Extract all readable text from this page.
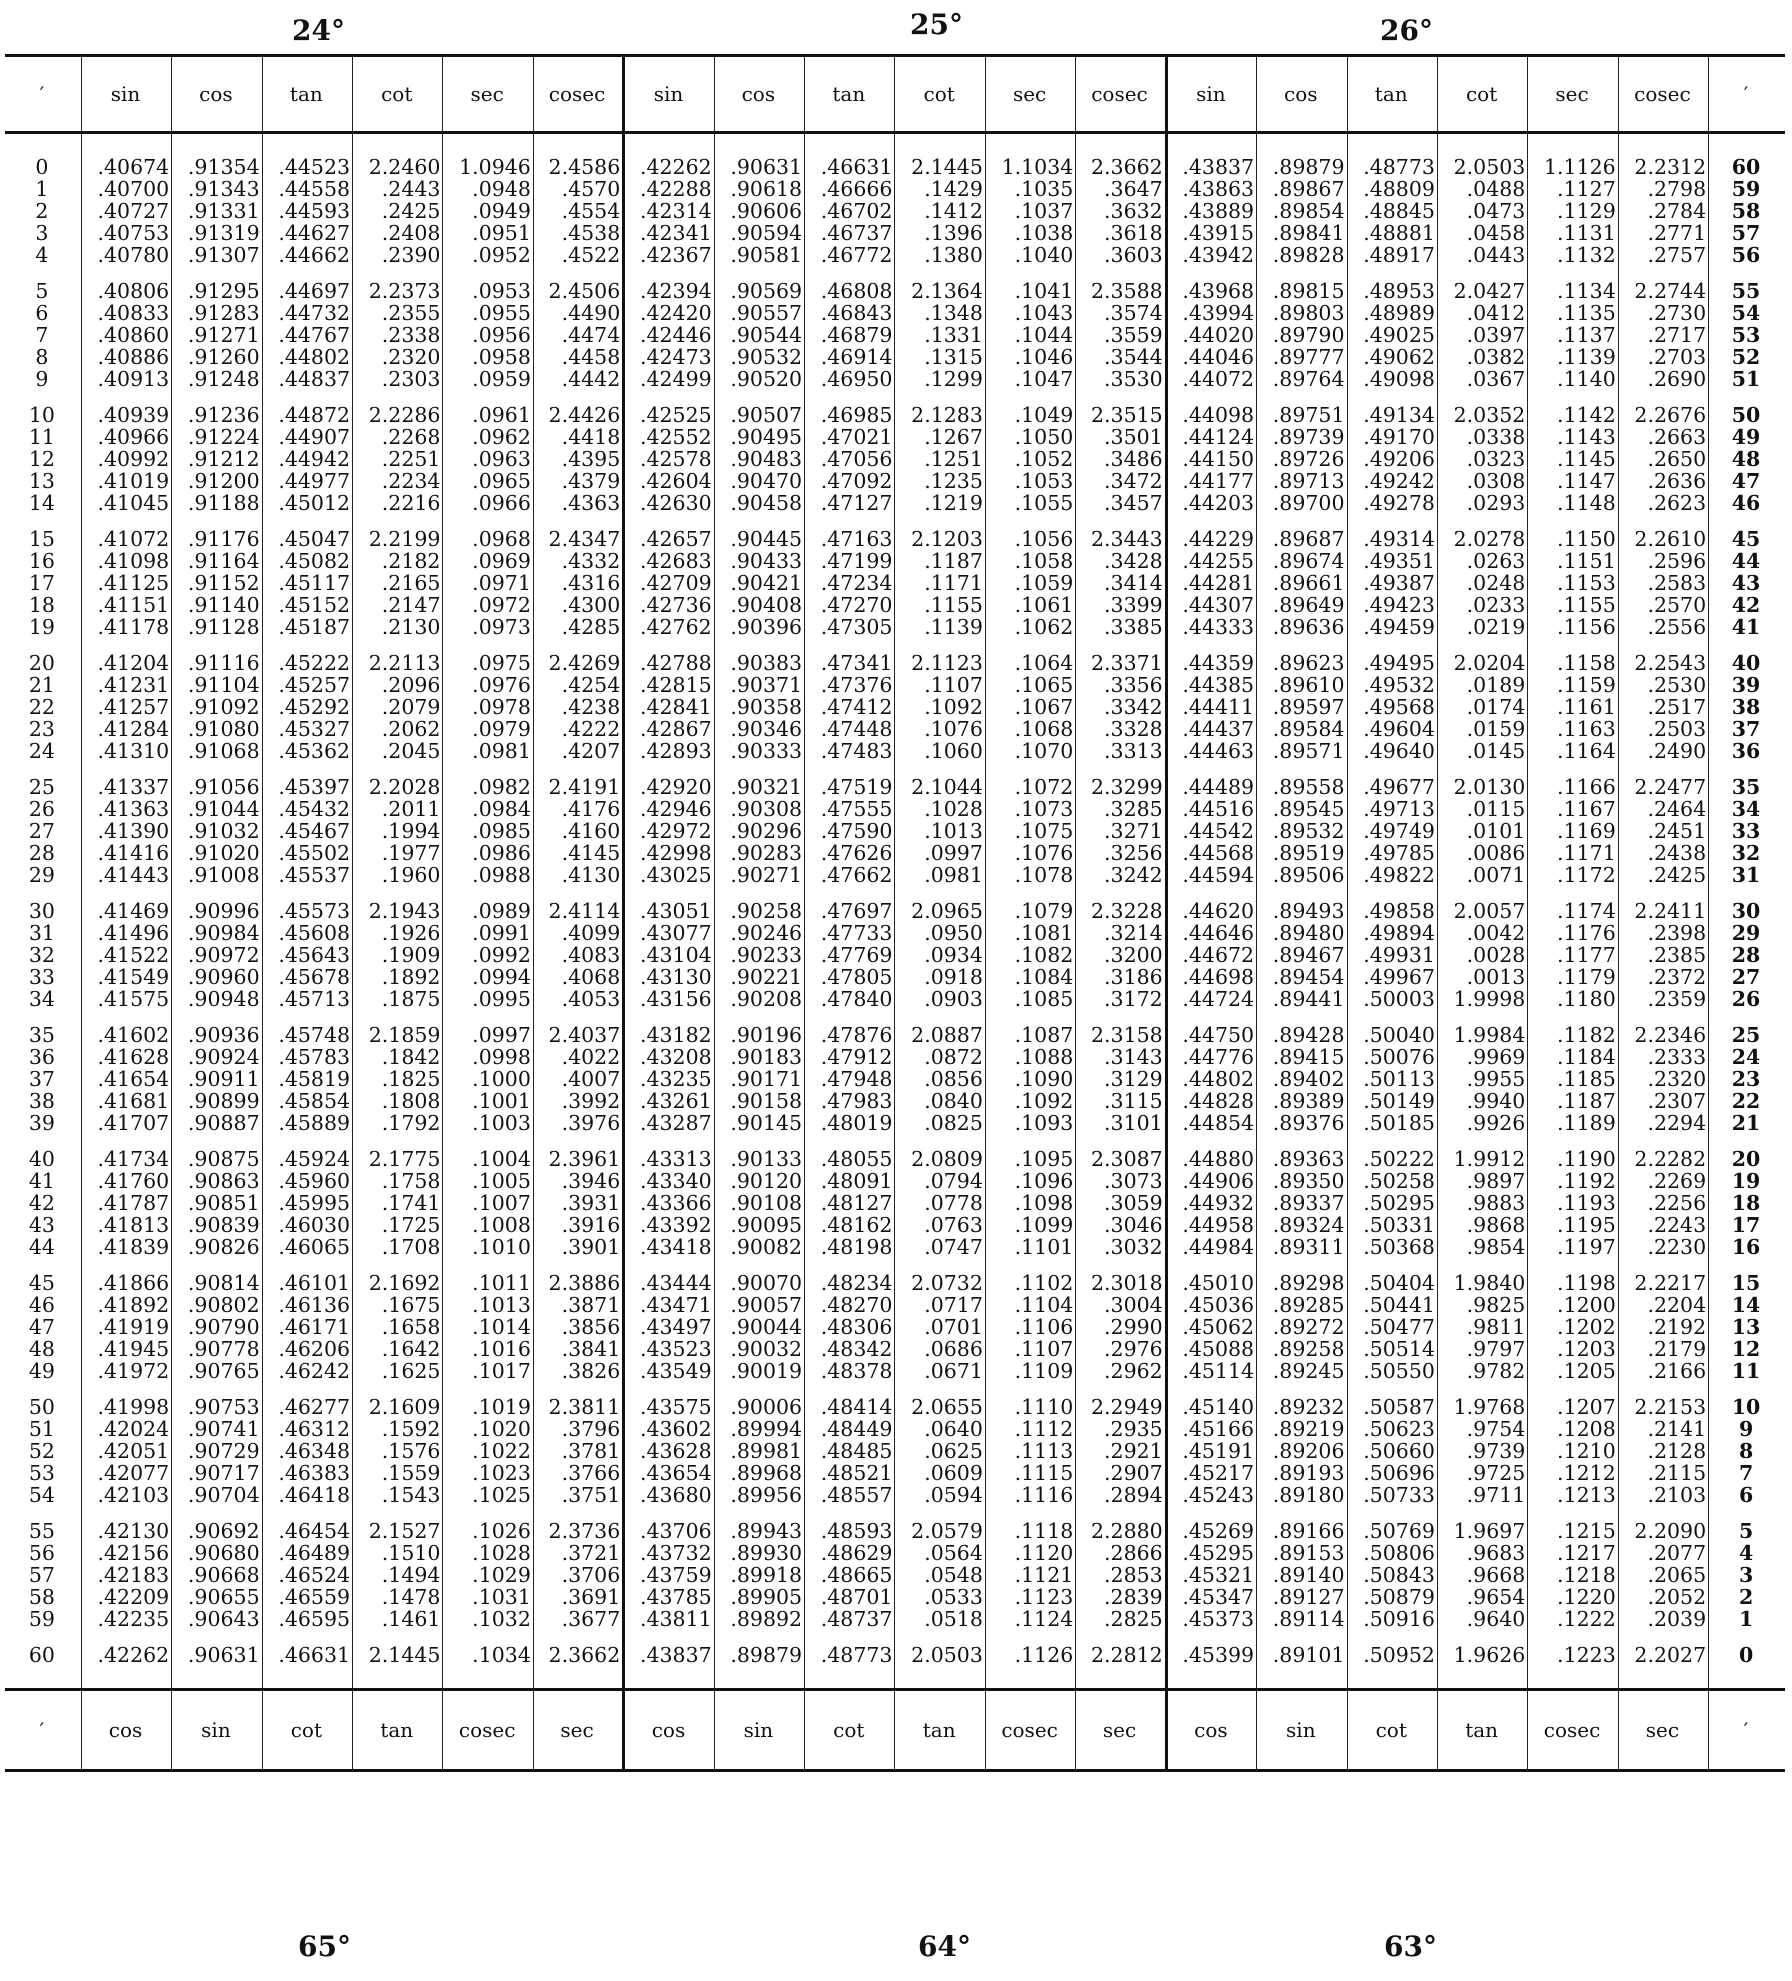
24°	25°	26°
′	sin	cos	tan	cot	sec	cosec	sin	cos	tan	cot	sec	cosec	sin	cos	tan	cot	sec	cosec	′
0	.40674	.91354	.44523	2.2460	1.0946	2.4586	.42262	.90631	.46631	2.1445	1.1034	2.3662	.43837	.89879	.48773	2.0503	1.1126	2.2312	60
1	.40700	.91343	.44558	.2443	.0948	.4570	.42288	.90618	.46666	.1429	.1035	.3647	.43863	.89867	.48809	.0488	.1127	.2798	59
2	.40727	.91331	.44593	.2425	.0949	.4554	.42314	.90606	.46702	.1412	.1037	.3632	.43889	.89854	.48845	.0473	.1129	.2784	58
3	.40753	.91319	.44627	.2408	.0951	.4538	.42341	.90594	.46737	.1396	.1038	.3618	.43915	.89841	.48881	.0458	.1131	.2771	57
4	.40780	.91307	.44662	.2390	.0952	.4522	.42367	.90581	.46772	.1380	.1040	.3603	.43942	.89828	.48917	.0443	.1132	.2757	56
5	.40806	.91295	.44697	2.2373	.0953	2.4506	.42394	.90569	.46808	2.1364	.1041	2.3588	.43968	.89815	.48953	2.0427	.1134	2.2744	55
6	.40833	.91283	.44732	.2355	.0955	.4490	.42420	.90557	.46843	.1348	.1043	.3574	.43994	.89803	.48989	.0412	.1135	.2730	54
7	.40860	.91271	.44767	.2338	.0956	.4474	.42446	.90544	.46879	.1331	.1044	.3559	.44020	.89790	.49025	.0397	.1137	.2717	53
8	.40886	.91260	.44802	.2320	.0958	.4458	.42473	.90532	.46914	.1315	.1046	.3544	.44046	.89777	.49062	.0382	.1139	.2703	52
9	.40913	.91248	.44837	.2303	.0959	.4442	.42499	.90520	.46950	.1299	.1047	.3530	.44072	.89764	.49098	.0367	.1140	.2690	51
10	.40939	.91236	.44872	2.2286	.0961	2.4426	.42525	.90507	.46985	2.1283	.1049	2.3515	.44098	.89751	.49134	2.0352	.1142	2.2676	50
11	.40966	.91224	.44907	.2268	.0962	.4418	.42552	.90495	.47021	.1267	.1050	.3501	.44124	.89739	.49170	.0338	.1143	.2663	49
12	.40992	.91212	.44942	.2251	.0963	.4395	.42578	.90483	.47056	.1251	.1052	.3486	.44150	.89726	.49206	.0323	.1145	.2650	48
13	.41019	.91200	.44977	.2234	.0965	.4379	.42604	.90470	.47092	.1235	.1053	.3472	.44177	.89713	.49242	.0308	.1147	.2636	47
14	.41045	.91188	.45012	.2216	.0966	.4363	.42630	.90458	.47127	.1219	.1055	.3457	.44203	.89700	.49278	.0293	.1148	.2623	46
15	.41072	.91176	.45047	2.2199	.0968	2.4347	.42657	.90445	.47163	2.1203	.1056	2.3443	.44229	.89687	.49314	2.0278	.1150	2.2610	45
16	.41098	.91164	.45082	.2182	.0969	.4332	.42683	.90433	.47199	.1187	.1058	.3428	.44255	.89674	.49351	.0263	.1151	.2596	44
17	.41125	.91152	.45117	.2165	.0971	.4316	.42709	.90421	.47234	.1171	.1059	.3414	.44281	.89661	.49387	.0248	.1153	.2583	43
18	.41151	.91140	.45152	.2147	.0972	.4300	.42736	.90408	.47270	.1155	.1061	.3399	.44307	.89649	.49423	.0233	.1155	.2570	42
19	.41178	.91128	.45187	.2130	.0973	.4285	.42762	.90396	.47305	.1139	.1062	.3385	.44333	.89636	.49459	.0219	.1156	.2556	41
20	.41204	.91116	.45222	2.2113	.0975	2.4269	.42788	.90383	.47341	2.1123	.1064	2.3371	.44359	.89623	.49495	2.0204	.1158	2.2543	40
21	.41231	.91104	.45257	.2096	.0976	.4254	.42815	.90371	.47376	.1107	.1065	.3356	.44385	.89610	.49532	.0189	.1159	.2530	39
22	.41257	.91092	.45292	.2079	.0978	.4238	.42841	.90358	.47412	.1092	.1067	.3342	.44411	.89597	.49568	.0174	.1161	.2517	38
23	.41284	.91080	.45327	.2062	.0979	.4222	.42867	.90346	.47448	.1076	.1068	.3328	.44437	.89584	.49604	.0159	.1163	.2503	37
24	.41310	.91068	.45362	.2045	.0981	.4207	.42893	.90333	.47483	.1060	.1070	.3313	.44463	.89571	.49640	.0145	.1164	.2490	36
25	.41337	.91056	.45397	2.2028	.0982	2.4191	.42920	.90321	.47519	2.1044	.1072	2.3299	.44489	.89558	.49677	2.0130	.1166	2.2477	35
26	.41363	.91044	.45432	.2011	.0984	.4176	.42946	.90308	.47555	.1028	.1073	.3285	.44516	.89545	.49713	.0115	.1167	.2464	34
27	.41390	.91032	.45467	.1994	.0985	.4160	.42972	.90296	.47590	.1013	.1075	.3271	.44542	.89532	.49749	.0101	.1169	.2451	33
28	.41416	.91020	.45502	.1977	.0986	.4145	.42998	.90283	.47626	.0997	.1076	.3256	.44568	.89519	.49785	.0086	.1171	.2438	32
29	.41443	.91008	.45537	.1960	.0988	.4130	.43025	.90271	.47662	.0981	.1078	.3242	.44594	.89506	.49822	.0071	.1172	.2425	31
30	.41469	.90996	.45573	2.1943	.0989	2.4114	.43051	.90258	.47697	2.0965	.1079	2.3228	.44620	.89493	.49858	2.0057	.1174	2.2411	30
31	.41496	.90984	.45608	.1926	.0991	.4099	.43077	.90246	.47733	.0950	.1081	.3214	.44646	.89480	.49894	.0042	.1176	.2398	29
32	.41522	.90972	.45643	.1909	.0992	.4083	.43104	.90233	.47769	.0934	.1082	.3200	.44672	.89467	.49931	.0028	.1177	.2385	28
33	.41549	.90960	.45678	.1892	.0994	.4068	.43130	.90221	.47805	.0918	.1084	.3186	.44698	.89454	.49967	.0013	.1179	.2372	27
34	.41575	.90948	.45713	.1875	.0995	.4053	.43156	.90208	.47840	.0903	.1085	.3172	.44724	.89441	.50003	1.9998	.1180	.2359	26
35	.41602	.90936	.45748	2.1859	.0997	2.4037	.43182	.90196	.47876	2.0887	.1087	2.3158	.44750	.89428	.50040	1.9984	.1182	2.2346	25
36	.41628	.90924	.45783	.1842	.0998	.4022	.43208	.90183	.47912	.0872	.1088	.3143	.44776	.89415	.50076	.9969	.1184	.2333	24
37	.41654	.90911	.45819	.1825	.1000	.4007	.43235	.90171	.47948	.0856	.1090	.3129	.44802	.89402	.50113	.9955	.1185	.2320	23
38	.41681	.90899	.45854	.1808	.1001	.3992	.43261	.90158	.47983	.0840	.1092	.3115	.44828	.89389	.50149	.9940	.1187	.2307	22
39	.41707	.90887	.45889	.1792	.1003	.3976	.43287	.90145	.48019	.0825	.1093	.3101	.44854	.89376	.50185	.9926	.1189	.2294	21
40	.41734	.90875	.45924	2.1775	.1004	2.3961	.43313	.90133	.48055	2.0809	.1095	2.3087	.44880	.89363	.50222	1.9912	.1190	2.2282	20
41	.41760	.90863	.45960	.1758	.1005	.3946	.43340	.90120	.48091	.0794	.1096	.3073	.44906	.89350	.50258	.9897	.1192	.2269	19
42	.41787	.90851	.45995	.1741	.1007	.3931	.43366	.90108	.48127	.0778	.1098	.3059	.44932	.89337	.50295	.9883	.1193	.2256	18
43	.41813	.90839	.46030	.1725	.1008	.3916	.43392	.90095	.48162	.0763	.1099	.3046	.44958	.89324	.50331	.9868	.1195	.2243	17
44	.41839	.90826	.46065	.1708	.1010	.3901	.43418	.90082	.48198	.0747	.1101	.3032	.44984	.89311	.50368	.9854	.1197	.2230	16
45	.41866	.90814	.46101	2.1692	.1011	2.3886	.43444	.90070	.48234	2.0732	.1102	2.3018	.45010	.89298	.50404	1.9840	.1198	2.2217	15
46	.41892	.90802	.46136	.1675	.1013	.3871	.43471	.90057	.48270	.0717	.1104	.3004	.45036	.89285	.50441	.9825	.1200	.2204	14
47	.41919	.90790	.46171	.1658	.1014	.3856	.43497	.90044	.48306	.0701	.1106	.2990	.45062	.89272	.50477	.9811	.1202	.2192	13
48	.41945	.90778	.46206	.1642	.1016	.3841	.43523	.90032	.48342	.0686	.1107	.2976	.45088	.89258	.50514	.9797	.1203	.2179	12
49	.41972	.90765	.46242	.1625	.1017	.3826	.43549	.90019	.48378	.0671	.1109	.2962	.45114	.89245	.50550	.9782	.1205	.2166	11
50	.41998	.90753	.46277	2.1609	.1019	2.3811	.43575	.90006	.48414	2.0655	.1110	2.2949	.45140	.89232	.50587	1.9768	.1207	2.2153	10
51	.42024	.90741	.46312	.1592	.1020	.3796	.43602	.89994	.48449	.0640	.1112	.2935	.45166	.89219	.50623	.9754	.1208	.2141	9
52	.42051	.90729	.46348	.1576	.1022	.3781	.43628	.89981	.48485	.0625	.1113	.2921	.45191	.89206	.50660	.9739	.1210	.2128	8
53	.42077	.90717	.46383	.1559	.1023	.3766	.43654	.89968	.48521	.0609	.1115	.2907	.45217	.89193	.50696	.9725	.1212	.2115	7
54	.42103	.90704	.46418	.1543	.1025	.3751	.43680	.89956	.48557	.0594	.1116	.2894	.45243	.89180	.50733	.9711	.1213	.2103	6
55	.42130	.90692	.46454	2.1527	.1026	2.3736	.43706	.89943	.48593	2.0579	.1118	2.2880	.45269	.89166	.50769	1.9697	.1215	2.2090	5
56	.42156	.90680	.46489	.1510	.1028	.3721	.43732	.89930	.48629	.0564	.1120	.2866	.45295	.89153	.50806	.9683	.1217	.2077	4
57	.42183	.90668	.46524	.1494	.1029	.3706	.43759	.89918	.48665	.0548	.1121	.2853	.45321	.89140	.50843	.9668	.1218	.2065	3
58	.42209	.90655	.46559	.1478	.1031	.3691	.43785	.89905	.48701	.0533	.1123	.2839	.45347	.89127	.50879	.9654	.1220	.2052	2
59	.42235	.90643	.46595	.1461	.1032	.3677	.43811	.89892	.48737	.0518	.1124	.2825	.45373	.89114	.50916	.9640	.1222	.2039	1
60	.42262	.90631	.46631	2.1445	.1034	2.3662	.43837	.89879	.48773	2.0503	.1126	2.2812	.45399	.89101	.50952	1.9626	.1223	2.2027	0
′	cos	sin	cot	tan	cosec	sec	cos	sin	cot	tan	cosec	sec	cos	sin	cot	tan	cosec	sec	′
65°	64°	63°
